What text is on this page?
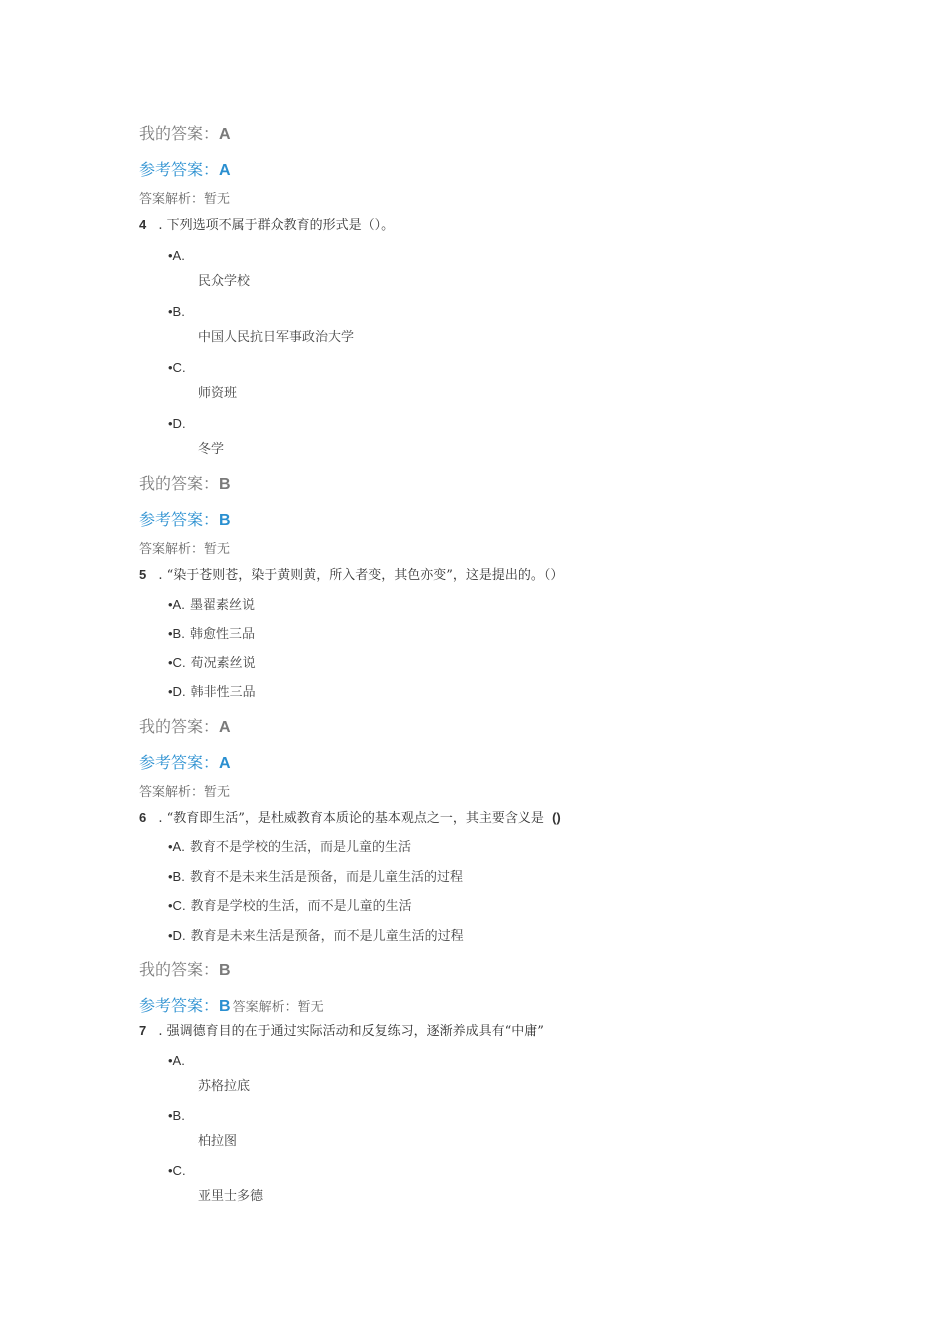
我的答案：A
参考答案：A
答案解析：暂无
4 . 下列选项不属于群众教育的形式是（）。
•A.
民众学校
•B.
中国人民抗日军事政治大学
•C.
师资班
•D.
冬学
我的答案：B
参考答案：B
答案解析：暂无
5 . “染于苍则苍，染于黄则黄，所入者变，其色亦变”，这是提出的。（）
•A. 墨翟素丝说
•B. 韩愈性三品
•C. 荀况素丝说
•D. 韩非性三品
我的答案：A
参考答案：A
答案解析：暂无
6 . “教育即生活”，是杜威教育本质论的基本观点之一，其主要含义是 ()
•A. 教育不是学校的生活，而是儿童的生活
•B. 教育不是未来生活是预备，而是儿童生活的过程
•C. 教育是学校的生活，而不是儿童的生活
•D. 教育是未来生活是预备，而不是儿童生活的过程
我的答案：B
参考答案：B 答案解析：暂无
7 . 强调德育目的在于通过实际活动和反复练习，逐渐养成具有“中庸”
•A.
苏格拉底
•B.
柏拉图
•C.
亚里士多德
